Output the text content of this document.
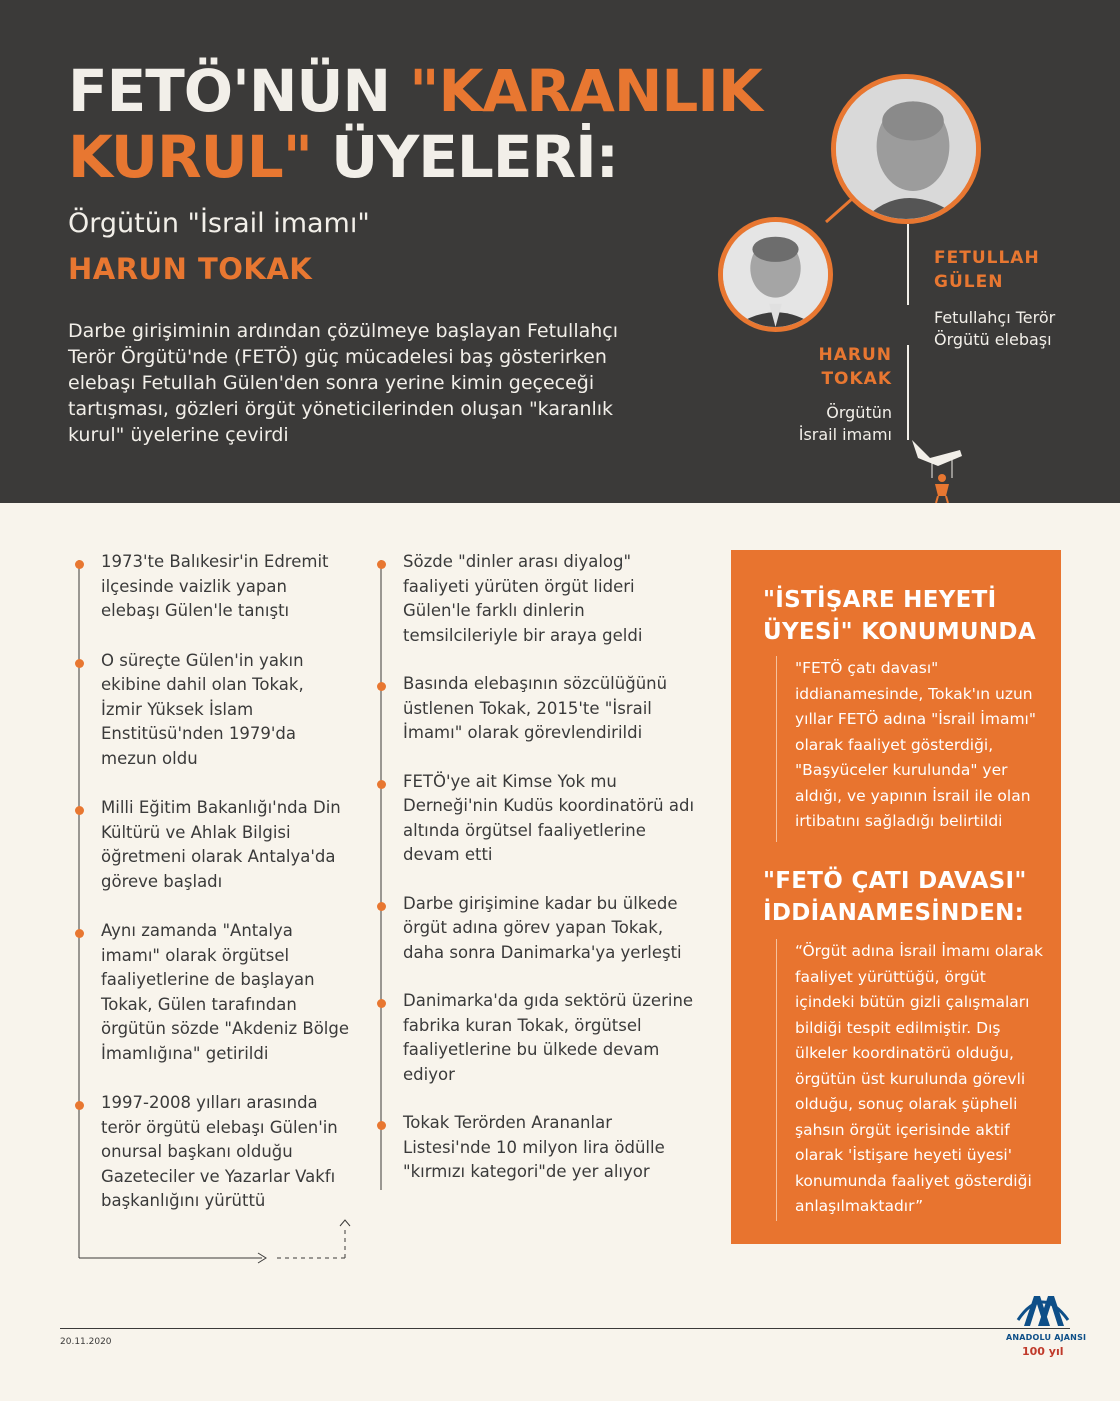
FETÖ'NÜN "KARANLIK
KURUL" ÜYELERİ:
Örgütün "İsrail imamı"
HARUN TOKAK
Darbe girişiminin ardından çözülmeye başlayan Fetullahçı Terör Örgütü'nde (FETÖ) güç mücadelesi baş gösterirken elebaşı Fetullah Gülen'den sonra yerine kimin geçeceği tartışması, gözleri örgüt yöneticilerinden oluşan "karanlık kurul" üyelerine çevirdi
FETULLAH
GÜLEN
Fetullahçı Terör
Örgütü elebaşı
HARUN
TOKAK
Örgütün
İsrail imamı
1973'te Balıkesir'in Edremit ilçesinde vaizlik yapan elebaşı Gülen'le tanıştı
O süreçte Gülen'in yakın ekibine dahil olan Tokak, İzmir Yüksek İslam Enstitüsü'nden 1979'da mezun oldu
Milli Eğitim Bakanlığı'nda Din Kültürü ve Ahlak Bilgisi öğretmeni olarak Antalya'da göreve başladı
Aynı zamanda "Antalya imamı" olarak örgütsel faaliyetlerine de başlayan Tokak, Gülen tarafından örgütün sözde "Akdeniz Bölge İmamlığına" getirildi
1997-2008 yılları arasında terör örgütü elebaşı Gülen'in onursal başkanı olduğu Gazeteciler ve Yazarlar Vakfı başkanlığını yürüttü
Sözde "dinler arası diyalog" faaliyeti yürüten örgüt lideri Gülen'le farklı dinlerin temsilcileriyle bir araya geldi
Basında elebaşının sözcülüğünü üstlenen Tokak, 2015'te "İsrail İmamı" olarak görevlendirildi
FETÖ'ye ait Kimse Yok mu Derneği'nin Kudüs koordinatörü adı altında örgütsel faaliyetlerine devam etti
Darbe girişimine kadar bu ülkede örgüt adına görev yapan Tokak, daha sonra Danimarka'ya yerleşti
Danimarka'da gıda sektörü üzerine fabrika kuran Tokak, örgütsel faaliyetlerine bu ülkede devam ediyor
Tokak Terörden Arananlar Listesi'nde 10 milyon lira ödülle "kırmızı kategori"de yer alıyor
"İSTİŞARE HEYETİ ÜYESİ" KONUMUNDA
"FETÖ çatı davası" iddianamesinde, Tokak'ın uzun yıllar FETÖ adına "İsrail İmamı" olarak faaliyet gösterdiği, "Başyüceler kurulunda" yer aldığı, ve yapının İsrail ile olan irtibatını sağladığı belirtildi
"FETÖ ÇATI DAVASI" İDDİANAMESİNDEN:
“Örgüt adına İsrail İmamı olarak faaliyet yürüttüğü, örgüt içindeki bütün gizli çalışmaları bildiği tespit edilmiştir. Dış ülkeler koordinatörü olduğu, örgütün üst kurulunda görevli olduğu, sonuç olarak şüpheli şahsın örgüt içerisinde aktif olarak 'İstişare heyeti üyesi' konumunda faaliyet gösterdiği anlaşılmaktadır”
20.11.2020	ANADOLU AJANSI
100 yıl
